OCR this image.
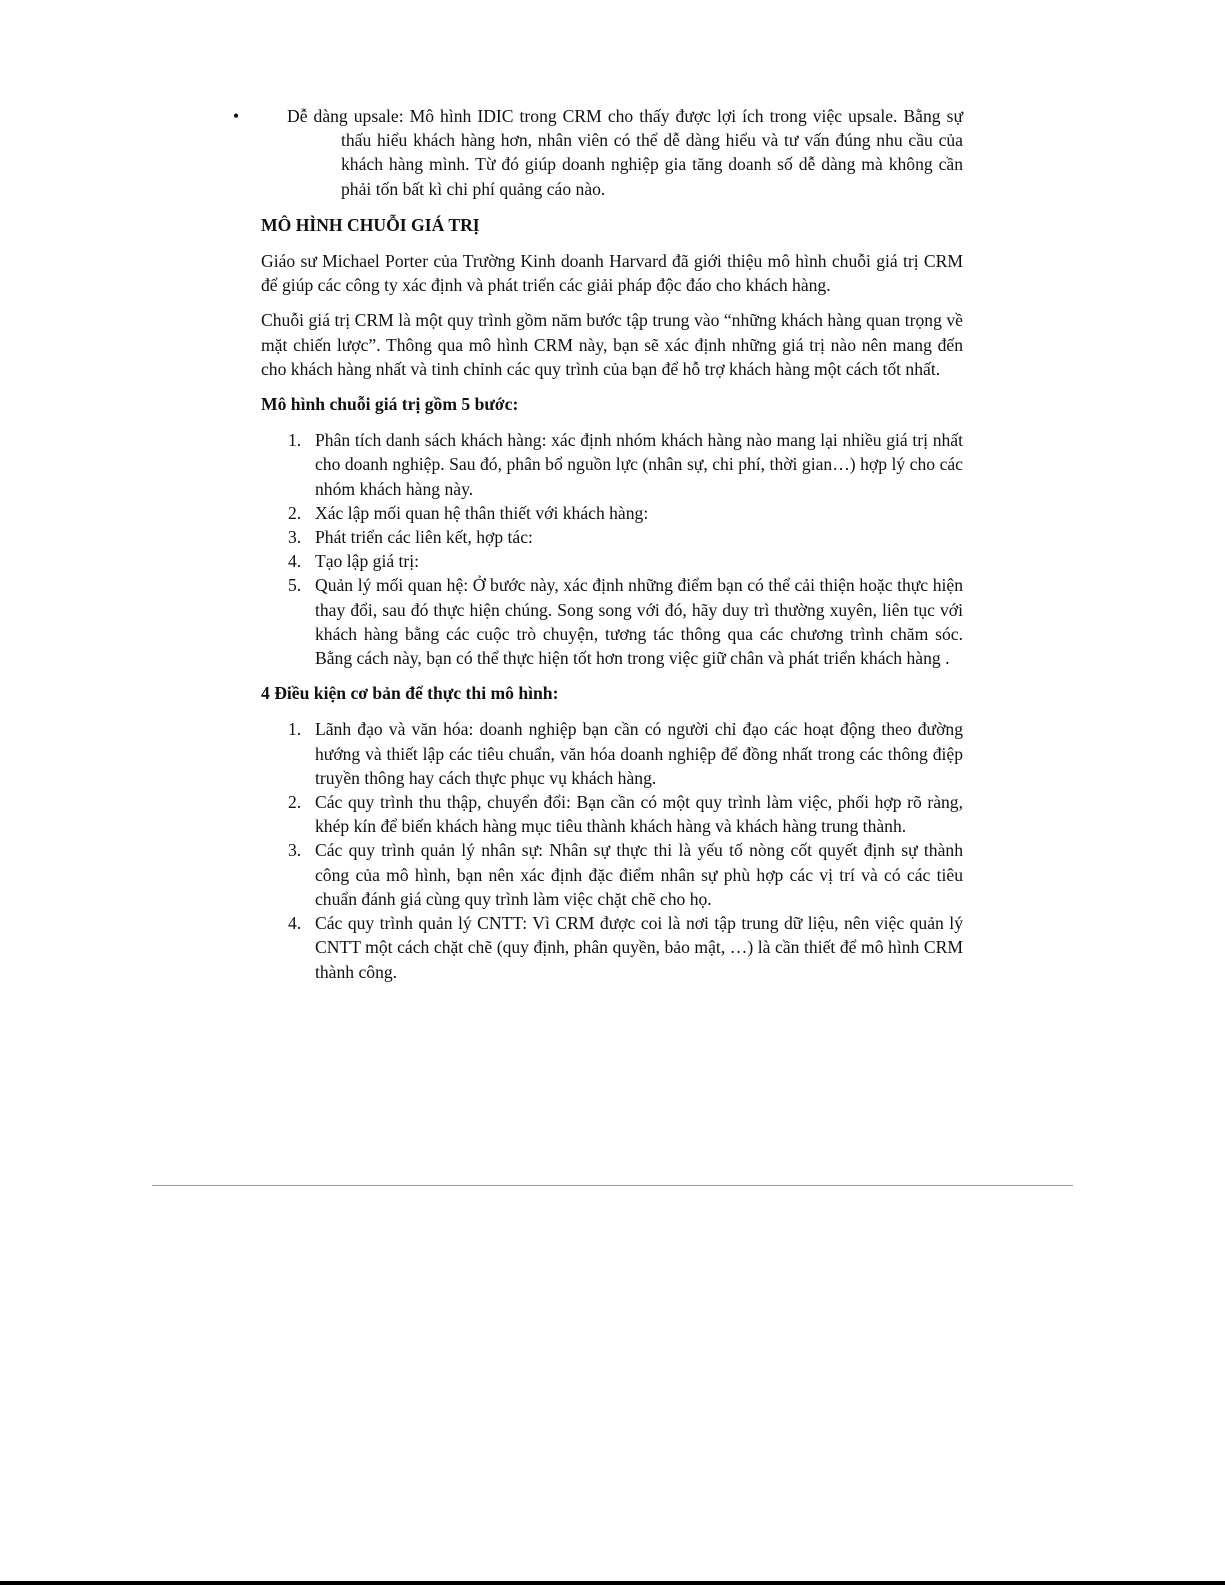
•	Dễ dàng upsale: Mô hình IDIC trong CRM cho thấy được lợi ích trong việc upsale. Bằng sự thấu hiểu khách hàng hơn, nhân viên có thể dễ dàng hiểu và tư vấn đúng nhu cầu của khách hàng mình. Từ đó giúp doanh nghiệp gia tăng doanh số dễ dàng mà không cần phải tốn bất kì chi phí quảng cáo nào.

MÔ HÌNH CHUỖI GIÁ TRỊ

Giáo sư Michael Porter của Trường Kinh doanh Harvard đã giới thiệu mô hình chuỗi giá trị CRM để giúp các công ty xác định và phát triển các giải pháp độc đáo cho khách hàng.

Chuỗi giá trị CRM là một quy trình gồm năm bước tập trung vào “những khách hàng quan trọng về mặt chiến lược”. Thông qua mô hình CRM này, bạn sẽ xác định những giá trị nào nên mang đến cho khách hàng nhất và tinh chỉnh các quy trình của bạn để hỗ trợ khách hàng một cách tốt nhất.

Mô hình chuỗi giá trị gồm 5 bước:

1. Phân tích danh sách khách hàng: xác định nhóm khách hàng nào mang lại nhiều giá trị nhất cho doanh nghiệp. Sau đó, phân bổ nguồn lực (nhân sự, chi phí, thời gian…) hợp lý cho các nhóm khách hàng này.
2. Xác lập mối quan hệ thân thiết với khách hàng:
3. Phát triển các liên kết, hợp tác:
4. Tạo lập giá trị:
5. Quản lý mối quan hệ: Ở bước này, xác định những điểm bạn có thể cải thiện hoặc thực hiện thay đổi, sau đó thực hiện chúng. Song song với đó, hãy duy trì thường xuyên, liên tục với khách hàng bằng các cuộc trò chuyện, tương tác thông qua các chương trình chăm sóc. Bằng cách này, bạn có thể thực hiện tốt hơn trong việc giữ chân và phát triển khách hàng .

4 Điều kiện cơ bản để thực thi mô hình:

1. Lãnh đạo và văn hóa: doanh nghiệp bạn cần có người chỉ đạo các hoạt động theo đường hướng và thiết lập các tiêu chuẩn, văn hóa doanh nghiệp để đồng nhất trong các thông điệp truyền thông hay cách thực phục vụ khách hàng.
2. Các quy trình thu thập, chuyển đổi: Bạn cần có một quy trình làm việc, phối hợp rõ ràng, khép kín để biến khách hàng mục tiêu thành khách hàng và khách hàng trung thành.
3. Các quy trình quản lý nhân sự: Nhân sự thực thi là yếu tố nòng cốt quyết định sự thành công của mô hình, bạn nên xác định đặc điểm nhân sự phù hợp các vị trí và có các tiêu chuẩn đánh giá cùng quy trình làm việc chặt chẽ cho họ.
4. Các quy trình quản lý CNTT: Vì CRM được coi là nơi tập trung dữ liệu, nên việc quản lý CNTT một cách chặt chẽ (quy định, phân quyền, bảo mật, …) là cần thiết để mô hình CRM thành công.
